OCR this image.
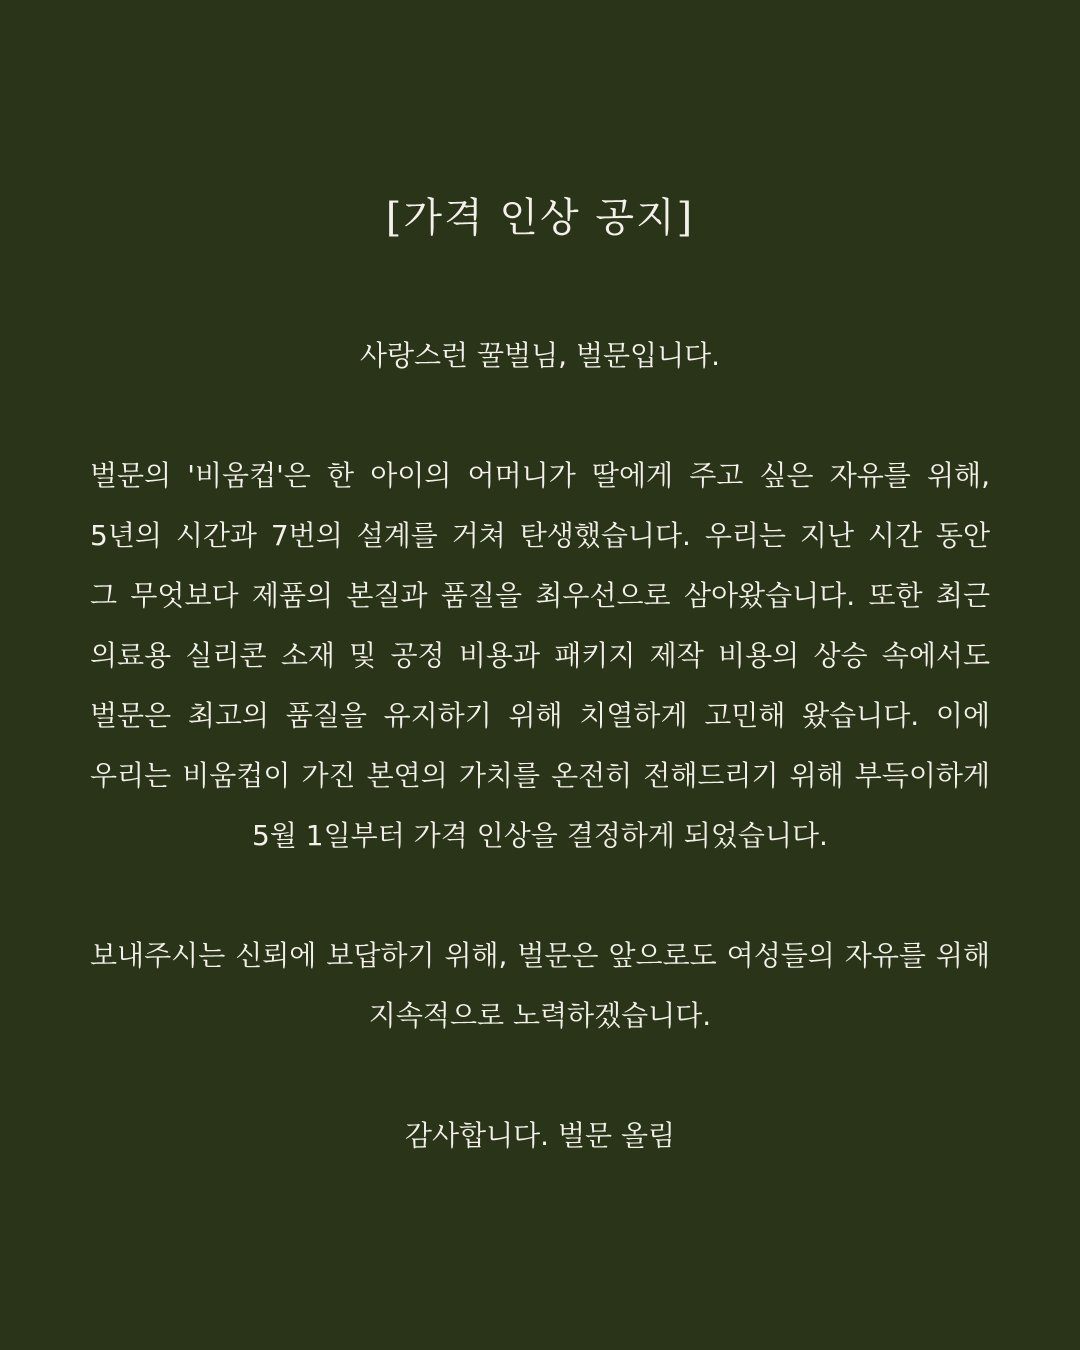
[가격 인상 공지]

사랑스런 꿀벌님, 벌문입니다.

벌문의 '비움컵'은 한 아이의 어머니가 딸에게 주고 싶은 자유를 위해,
5년의 시간과 7번의 설계를 거쳐 탄생했습니다. 우리는 지난 시간 동안
그 무엇보다 제품의 본질과 품질을 최우선으로 삼아왔습니다. 또한 최근
의료용 실리콘 소재 및 공정 비용과 패키지 제작 비용의 상승 속에서도
벌문은 최고의 품질을 유지하기 위해 치열하게 고민해 왔습니다. 이에
우리는 비움컵이 가진 본연의 가치를 온전히 전해드리기 위해 부득이하게
5월 1일부터 가격 인상을 결정하게 되었습니다.

보내주시는 신뢰에 보답하기 위해, 벌문은 앞으로도 여성들의 자유를 위해
지속적으로 노력하겠습니다.

감사합니다. 벌문 올림
